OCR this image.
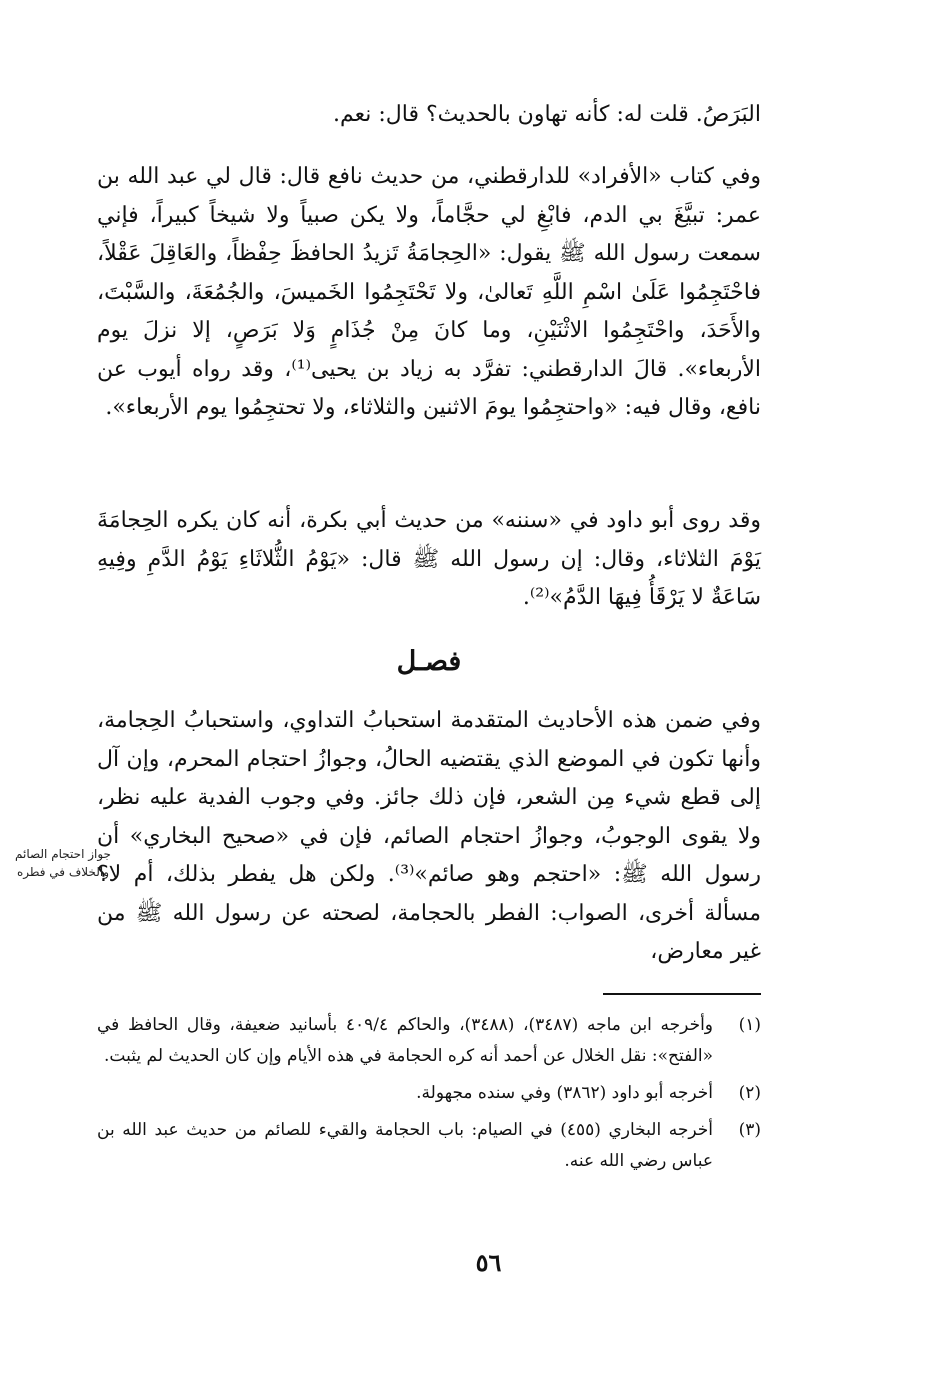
البَرَصُ. قلت له: كأنه تهاون بالحديث؟ قال: نعم.

وفي كتاب «الأفراد» للدارقطني، من حديث نافع قال: قال لي عبد الله بن عمر: تبيَّغَ بي الدم، فابْغِ لي حجَّاماً، ولا يكن صبياً ولا شيخاً كبيراً، فإني سمعت رسول الله ﷺ يقول: «الحِجامَةُ تَزيدُ الحافظَ حِفْظاً، والعَاقِلَ عَقْلاً، فاحْتَجِمُوا عَلَىٰ اسْمِ اللَّهِ تَعالىٰ، ولا تَحْتَجِمُوا الخَميسَ، والجُمُعَةَ، والسَّبْتَ، والأَحَدَ، واحْتَجِمُوا الاثْنَيْنِ، وما كانَ مِنْ جُذَامٍ وَلا بَرَصٍ، إلا نزلَ يوم الأربعاء». قالَ الدارقطني: تفرَّد به زياد بن يحيى⁽¹⁾، وقد رواه أيوب عن نافع، وقال فيه: «واحتجِمُوا يومَ الاثنين والثلاثاء، ولا تحتجِمُوا يوم الأربعاء».

وقد روى أبو داود في «سننه» من حديث أبي بكرة، أنه كان يكره الحِجامَةَ يَوْمَ الثلاثاء، وقال: إن رسول الله ﷺ قال: «يَوْمُ الثُّلاثَاءِ يَوْمُ الدَّمِ وفِيهِ سَاعَةٌ لا يَرْقَأُ فِيهَا الدَّمُ»⁽²⁾.

فصـل

وفي ضمن هذه الأحاديث المتقدمة استحبابُ التداوي، واستحبابُ الحِجامة، وأنها تكون في الموضع الذي يقتضيه الحالُ، وجوازُ احتجام المحرم، وإن آل إلى قطع شيء مِن الشعر، فإن ذلك جائز. وفي وجوب الفدية عليه نظر، ولا يقوى الوجوبُ، وجوازُ احتجام الصائم، فإن في «صحيح البخاري» أن رسول الله ﷺ: «احتجم وهو صائم»⁽³⁾. ولكن هل يفطر بذلك، أم لا؟ مسألة أخرى، الصواب: الفطر بالحجامة، لصحته عن رسول الله ﷺ من غير معارض،

جواز احتجام الصائم
والخلاف في فطره
(١)
وأخرجه ابن ماجه (٣٤٨٧)، (٣٤٨٨)، والحاكم ٤٠٩/٤ بأسانيد ضعيفة، وقال الحافظ في «الفتح»: نقل الخلال عن أحمد أنه كره الحجامة في هذه الأيام وإن كان الحديث لم يثبت.
(٢)
أخرجه أبو داود (٣٨٦٢) وفي سنده مجهولة.
(٣)
أخرجه البخاري (٤٥٥) في الصيام: باب الحجامة والقيء للصائم من حديث عبد الله بن عباس رضي الله عنه.
٥٦
